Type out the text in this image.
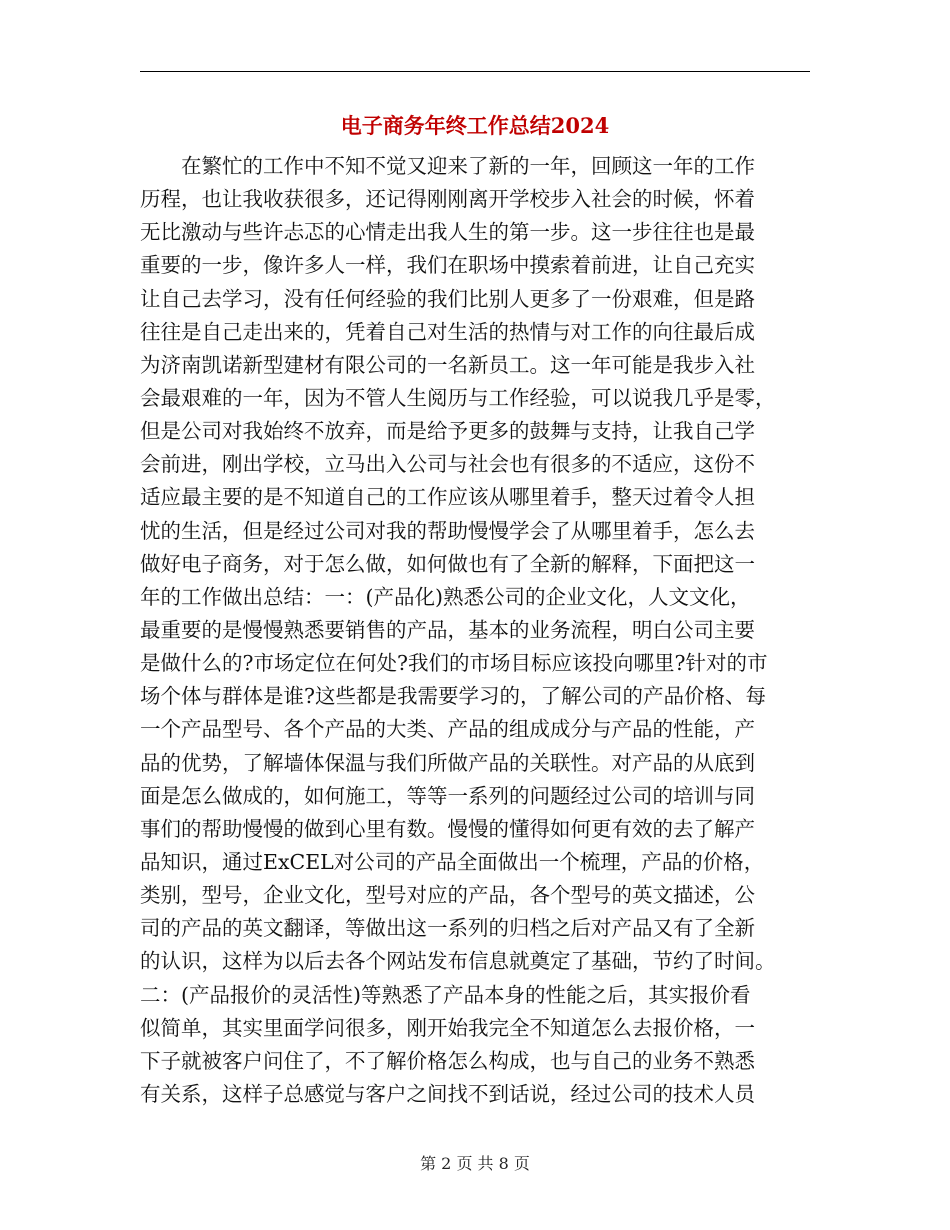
电子商务年终工作总结2024
在繁忙的工作中不知不觉又迎来了新的一年，回顾这一年的工作
历程，也让我收获很多，还记得刚刚离开学校步入社会的时候，怀着
无比激动与些许忐忑的心情走出我人生的第一步。这一步往往也是最
重要的一步，像许多人一样，我们在职场中摸索着前进，让自己充实
让自己去学习，没有任何经验的我们比别人更多了一份艰难，但是路
往往是自己走出来的，凭着自己对生活的热情与对工作的向往最后成
为济南凯诺新型建材有限公司的一名新员工。这一年可能是我步入社
会最艰难的一年，因为不管人生阅历与工作经验，可以说我几乎是零，
但是公司对我始终不放弃，而是给予更多的鼓舞与支持，让我自己学
会前进，刚出学校，立马出入公司与社会也有很多的不适应，这份不
适应最主要的是不知道自己的工作应该从哪里着手，整天过着令人担
忧的生活，但是经过公司对我的帮助慢慢学会了从哪里着手，怎么去
做好电子商务，对于怎么做，如何做也有了全新的解释，下面把这一
年的工作做出总结：一：(产品化)熟悉公司的企业文化，人文文化，
最重要的是慢慢熟悉要销售的产品，基本的业务流程，明白公司主要
是做什么的?市场定位在何处?我们的市场目标应该投向哪里?针对的市
场个体与群体是谁?这些都是我需要学习的，了解公司的产品价格、每
一个产品型号、各个产品的大类、产品的组成成分与产品的性能，产
品的优势，了解墙体保温与我们所做产品的关联性。对产品的从底到
面是怎么做成的，如何施工，等等一系列的问题经过公司的培训与同
事们的帮助慢慢的做到心里有数。慢慢的懂得如何更有效的去了解产
品知识，通过ExCEL对公司的产品全面做出一个梳理，产品的价格，
类别，型号，企业文化，型号对应的产品，各个型号的英文描述，公
司的产品的英文翻译，等做出这一系列的归档之后对产品又有了全新
的认识，这样为以后去各个网站发布信息就奠定了基础，节约了时间。
二：(产品报价的灵活性)等熟悉了产品本身的性能之后，其实报价看
似简单，其实里面学问很多，刚开始我完全不知道怎么去报价格，一
下子就被客户问住了，不了解价格怎么构成，也与自己的业务不熟悉
有关系，这样子总感觉与客户之间找不到话说，经过公司的技术人员
第 2 页 共 8 页
